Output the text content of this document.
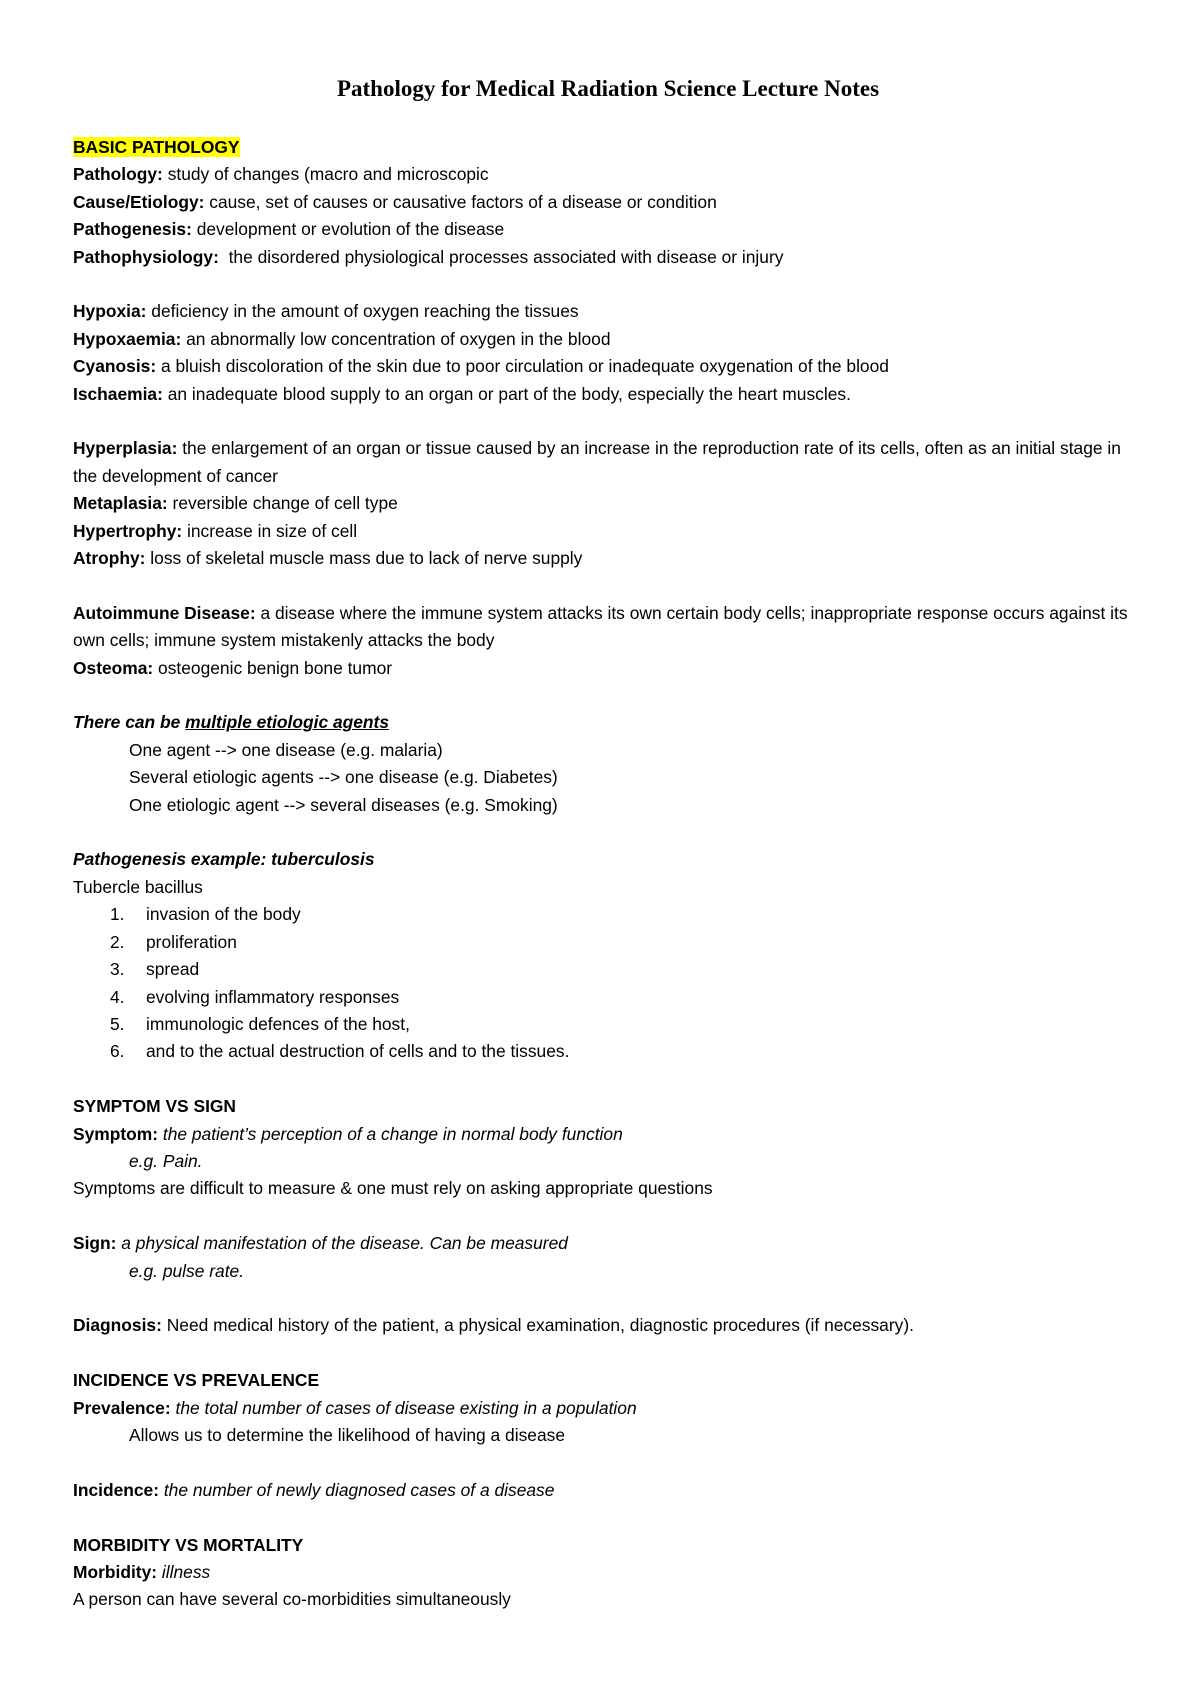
Pathology for Medical Radiation Science Lecture Notes

BASIC PATHOLOGY

Pathology: study of changes (macro and microscopic

Cause/Etiology: cause, set of causes or causative factors of a disease or condition

Pathogenesis: development or evolution of the disease

Pathophysiology:  the disordered physiological processes associated with disease or injury

Hypoxia: deficiency in the amount of oxygen reaching the tissues

Hypoxaemia: an abnormally low concentration of oxygen in the blood

Cyanosis: a bluish discoloration of the skin due to poor circulation or inadequate oxygenation of the blood

Ischaemia: an inadequate blood supply to an organ or part of the body, especially the heart muscles.

Hyperplasia: the enlargement of an organ or tissue caused by an increase in the reproduction rate of its cells, often as an initial stage in the development of cancer

Metaplasia: reversible change of cell type

Hypertrophy: increase in size of cell

Atrophy: loss of skeletal muscle mass due to lack of nerve supply

Autoimmune Disease: a disease where the immune system attacks its own certain body cells; inappropriate response occurs against its own cells; immune system mistakenly attacks the body

Osteoma: osteogenic benign bone tumor

There can be multiple etiologic agents

One agent --> one disease (e.g. malaria)

Several etiologic agents --> one disease (e.g. Diabetes)

One etiologic agent --> several diseases (e.g. Smoking)

Pathogenesis example: tuberculosis

Tubercle bacillus

1.	invasion of the body
2.	proliferation
3.	spread
4.	evolving inflammatory responses
5.	immunologic defences of the host,
6.	and to the actual destruction of cells and to the tissues.

SYMPTOM VS SIGN

Symptom: the patient’s perception of a change in normal body function

e.g. Pain.

Symptoms are difficult to measure & one must rely on asking appropriate questions

Sign: a physical manifestation of the disease. Can be measured

e.g. pulse rate.

Diagnosis: Need medical history of the patient, a physical examination, diagnostic procedures (if necessary).

INCIDENCE VS PREVALENCE

Prevalence: the total number of cases of disease existing in a population

Allows us to determine the likelihood of having a disease

Incidence: the number of newly diagnosed cases of a disease

MORBIDITY VS MORTALITY

Morbidity: illness

A person can have several co-morbidities simultaneously
